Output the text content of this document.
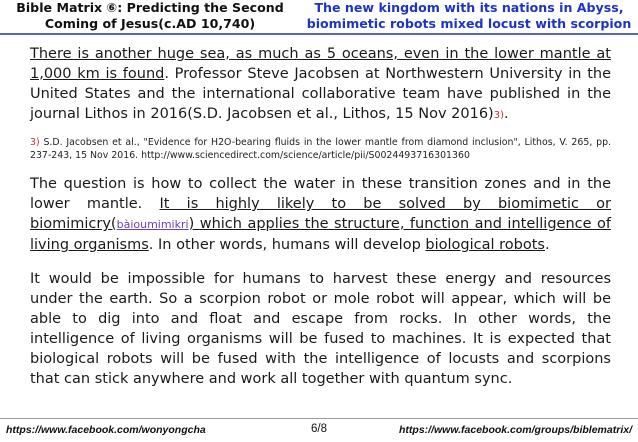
Bible Matrix ⑥: Predicting the Second
Coming of Jesus(c.AD 10,740)
The new kingdom with its nations in Abyss,
biomimetic robots mixed locust with scorpion

There is another huge sea, as much as 5 oceans, even in the lower mantle at 1,000 km is found. Professor Steve Jacobsen at Northwestern University in the United States and the international collaborative team have published in the journal Lithos in 2016(S.D. Jacobsen et al., Lithos, 15 Nov 2016)3).

3) S.D. Jacobsen et al., "Evidence for H2O-bearing fluids in the lower mantle from diamond inclusion", Lithos, V. 265, pp. 237-243, 15 Nov 2016. http://www.sciencedirect.com/science/article/pii/S0024493716301360

The question is how to collect the water in these transition zones and in the lower mantle. It is highly likely to be solved by biomimetic or biomimicry(bàioumimikri) which applies the structure, function and intelligence of living organisms. In other words, humans will develop biological robots.

It would be impossible for humans to harvest these energy and resources under the earth. So a scorpion robot or mole robot will appear, which will be able to dig into and float and escape from rocks. In other words, the intelligence of living organisms will be fused to machines. It is expected that biological robots will be fused with the intelligence of locusts and scorpions that can stick anywhere and work all together with quantum sync.

https://www.facebook.com/wonyongcha	6/8	https://www.facebook.com/groups/biblematrix/
